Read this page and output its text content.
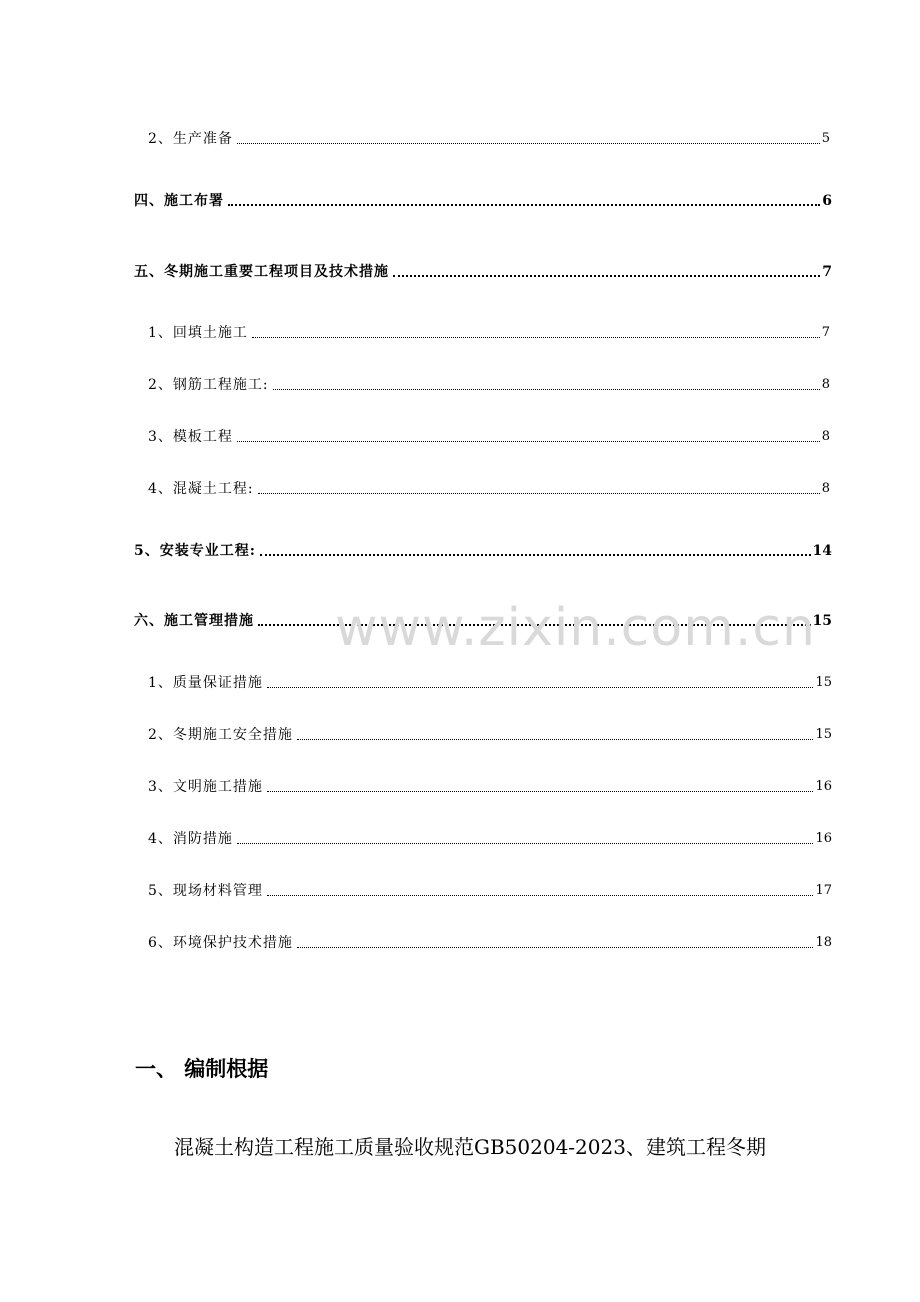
2、生产准备	5
四、施工布署	6
五、冬期施工重要工程项目及技术措施	7
1、回填土施工	7
2、钢筋工程施工:	8
3、模板工程	8
4、混凝土工程:	8
5、安装专业工程:	14
六、施工管理措施	15
1、质量保证措施	15
2、冬期施工安全措施	15
3、文明施工措施	16
4、消防措施	16
5、现场材料管理	17
6、环境保护技术措施	18
www.zixin.com.cn
一、 编制根据
混凝土构造工程施工质量验收规范GB50204-2023、建筑工程冬期
